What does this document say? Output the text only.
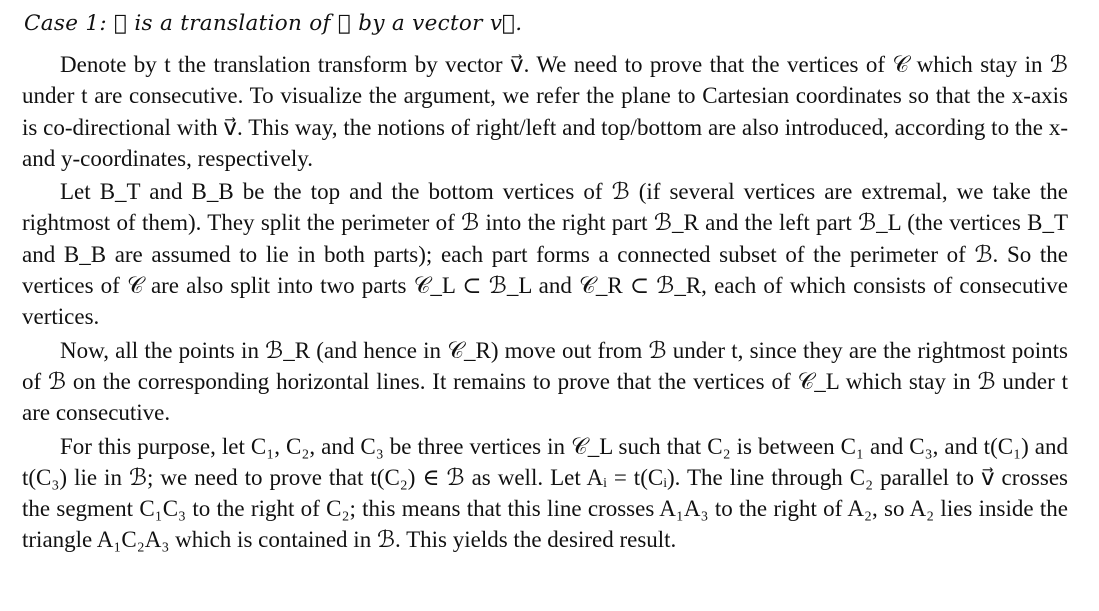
Case 1: 𝒞 is a translation of 𝒜 by a vector v⃗.

Denote by t the translation transform by vector v⃗. We need to prove that the vertices of 𝒞 which stay in ℬ under t are consecutive. To visualize the argument, we refer the plane to Cartesian coordinates so that the x-axis is co-directional with v⃗. This way, the notions of right/left and top/bottom are also introduced, according to the x- and y-coordinates, respectively.

Let B_T and B_B be the top and the bottom vertices of ℬ (if several vertices are extremal, we take the rightmost of them). They split the perimeter of ℬ into the right part ℬ_R and the left part ℬ_L (the vertices B_T and B_B are assumed to lie in both parts); each part forms a connected subset of the perimeter of ℬ. So the vertices of 𝒞 are also split into two parts 𝒞_L ⊂ ℬ_L and 𝒞_R ⊂ ℬ_R, each of which consists of consecutive vertices.

Now, all the points in ℬ_R (and hence in 𝒞_R) move out from ℬ under t, since they are the rightmost points of ℬ on the corresponding horizontal lines. It remains to prove that the vertices of 𝒞_L which stay in ℬ under t are consecutive.

For this purpose, let C₁, C₂, and C₃ be three vertices in 𝒞_L such that C₂ is between C₁ and C₃, and t(C₁) and t(C₃) lie in ℬ; we need to prove that t(C₂) ∈ ℬ as well. Let Aᵢ = t(Cᵢ). The line through C₂ parallel to v⃗ crosses the segment C₁C₃ to the right of C₂; this means that this line crosses A₁A₃ to the right of A₂, so A₂ lies inside the triangle A₁C₂A₃ which is contained in ℬ. This yields the desired result.
